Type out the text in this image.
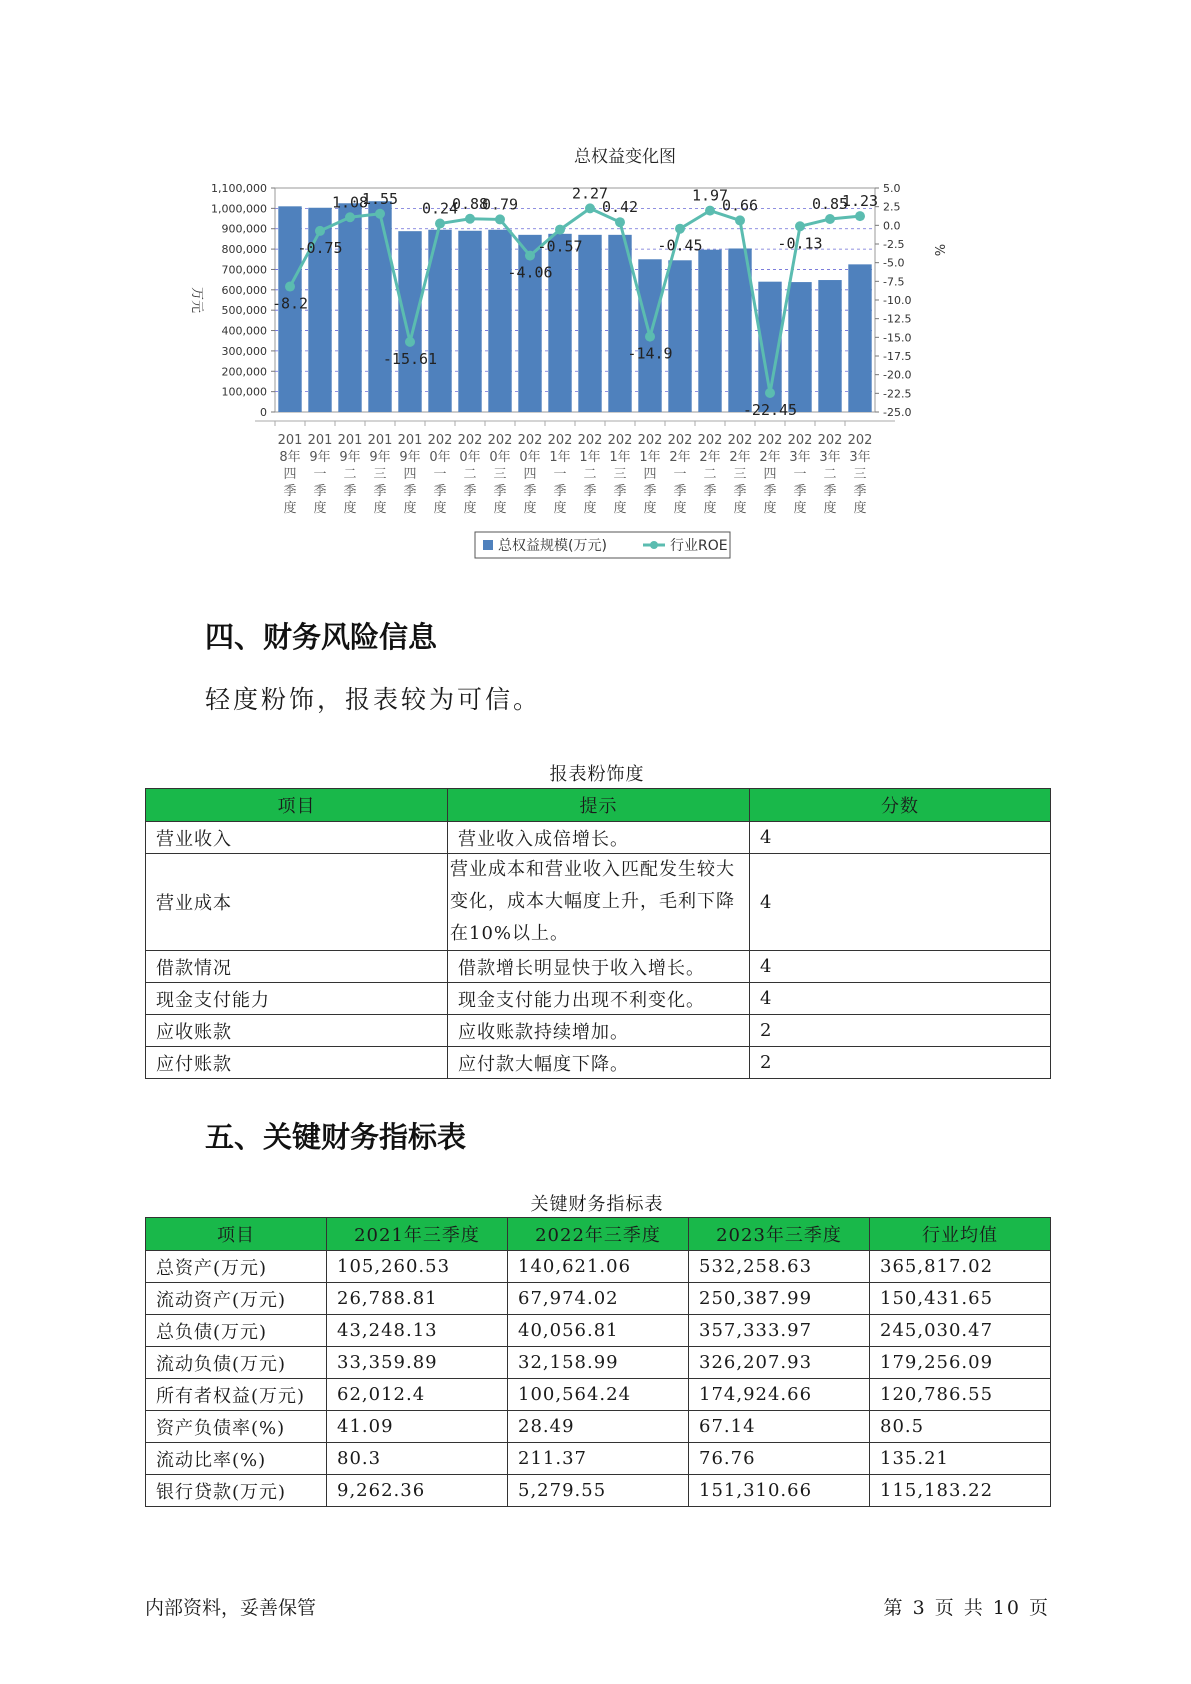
总权益变化图
1,100,000
1,000,000
900,000
800,000
700,000
600,000
500,000
400,000
300,000
200,000
100,000
0
5.0
2.5
0.0
-2.5
-5.0
-7.5
-10.0
-12.5
-15.0
-17.5
-20.0
-22.5
-25.0
万元
%
-8.2
-0.75
1.08
1.55
-15.61
0.24
0.88
0.79
-4.06
-0.57
2.27
0.42
-14.9
-0.45
1.97
0.66
-22.45
-0.13
0.85
1.23
201 8年四季度
201 9年一季度
201 9年二季度
201 9年三季度
201 9年四季度
202 0年一季度
202 0年二季度
202 0年三季度
202 0年四季度
202 1年一季度
202 1年二季度
202 1年三季度
202 1年四季度
202 2年一季度
202 2年二季度
202 2年三季度
202 2年四季度
202 3年一季度
202 3年二季度
202 3年三季度
总权益规模(万元)	行业ROE
四、财务风险信息
轻度粉饰，报表较为可信。
报表粉饰度
项目	提示	分数
营业收入	营业收入成倍增长。	4
营业成本	营业成本和营业收入匹配发生较大变化，成本大幅度上升，毛利下降在10%以上。	4
借款情况	借款增长明显快于收入增长。	4
现金支付能力	现金支付能力出现不利变化。	4
应收账款	应收账款持续增加。	2
应付账款	应付款大幅度下降。	2
五、关键财务指标表
关键财务指标表
项目	2021年三季度	2022年三季度	2023年三季度	行业均值
总资产(万元)	105,260.53	140,621.06	532,258.63	365,817.02
流动资产(万元)	26,788.81	67,974.02	250,387.99	150,431.65
总负债(万元)	43,248.13	40,056.81	357,333.97	245,030.47
流动负债(万元)	33,359.89	32,158.99	326,207.93	179,256.09
所有者权益(万元)	62,012.4	100,564.24	174,924.66	120,786.55
资产负债率(%)	41.09	28.49	67.14	80.5
流动比率(%)	80.3	211.37	76.76	135.21
银行贷款(万元)	9,262.36	5,279.55	151,310.66	115,183.22
内部资料，妥善保管	第 3 页 共 10 页
